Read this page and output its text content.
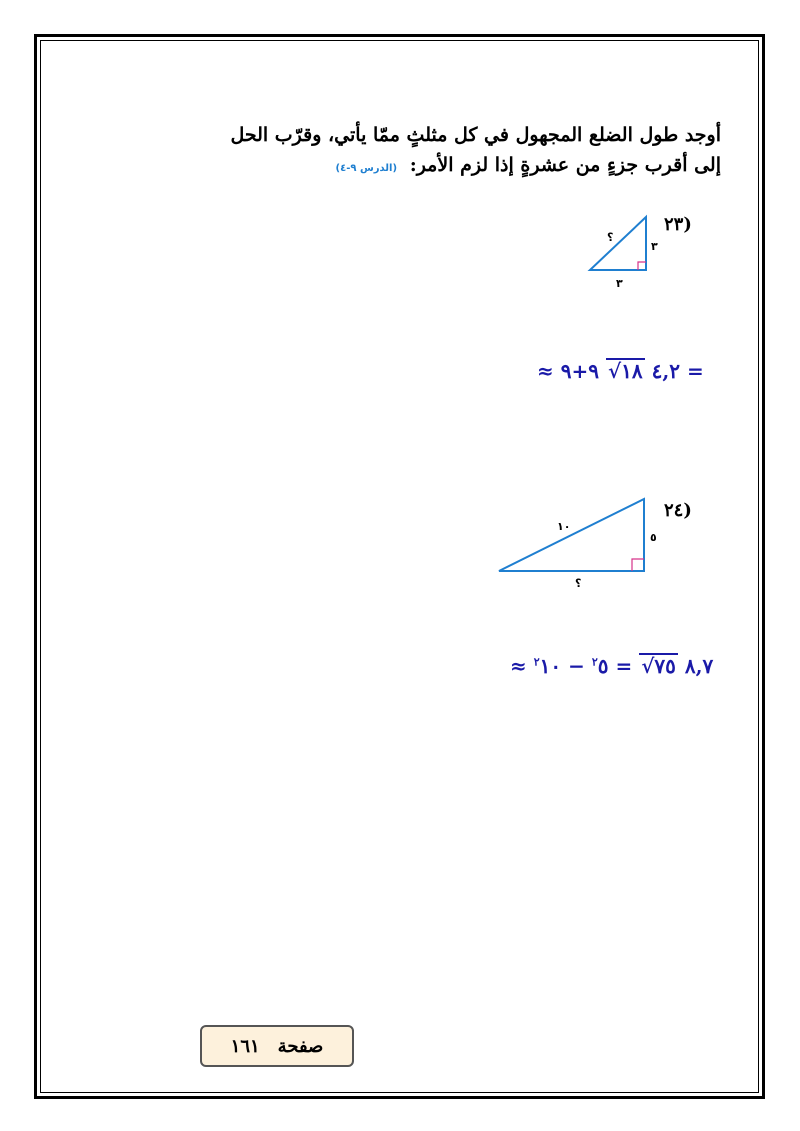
أوجد طول الضلع المجهول في كل مثلثٍ ممّا يأتي، وقرّب الحل
إلى أقرب جزءٍ من عشرةٍ إذا لزم الأمر: (الدرس ٩-٤)
(٢٣
؟
٣
٣
≈ ٤,٢ √١٨ ٩+٩ =
(٢٤
١٠
٥
؟
≈ ٨,٧ √٧٥ = $^٢$٥ − $^٢$١٠
صفحة
١٦١
